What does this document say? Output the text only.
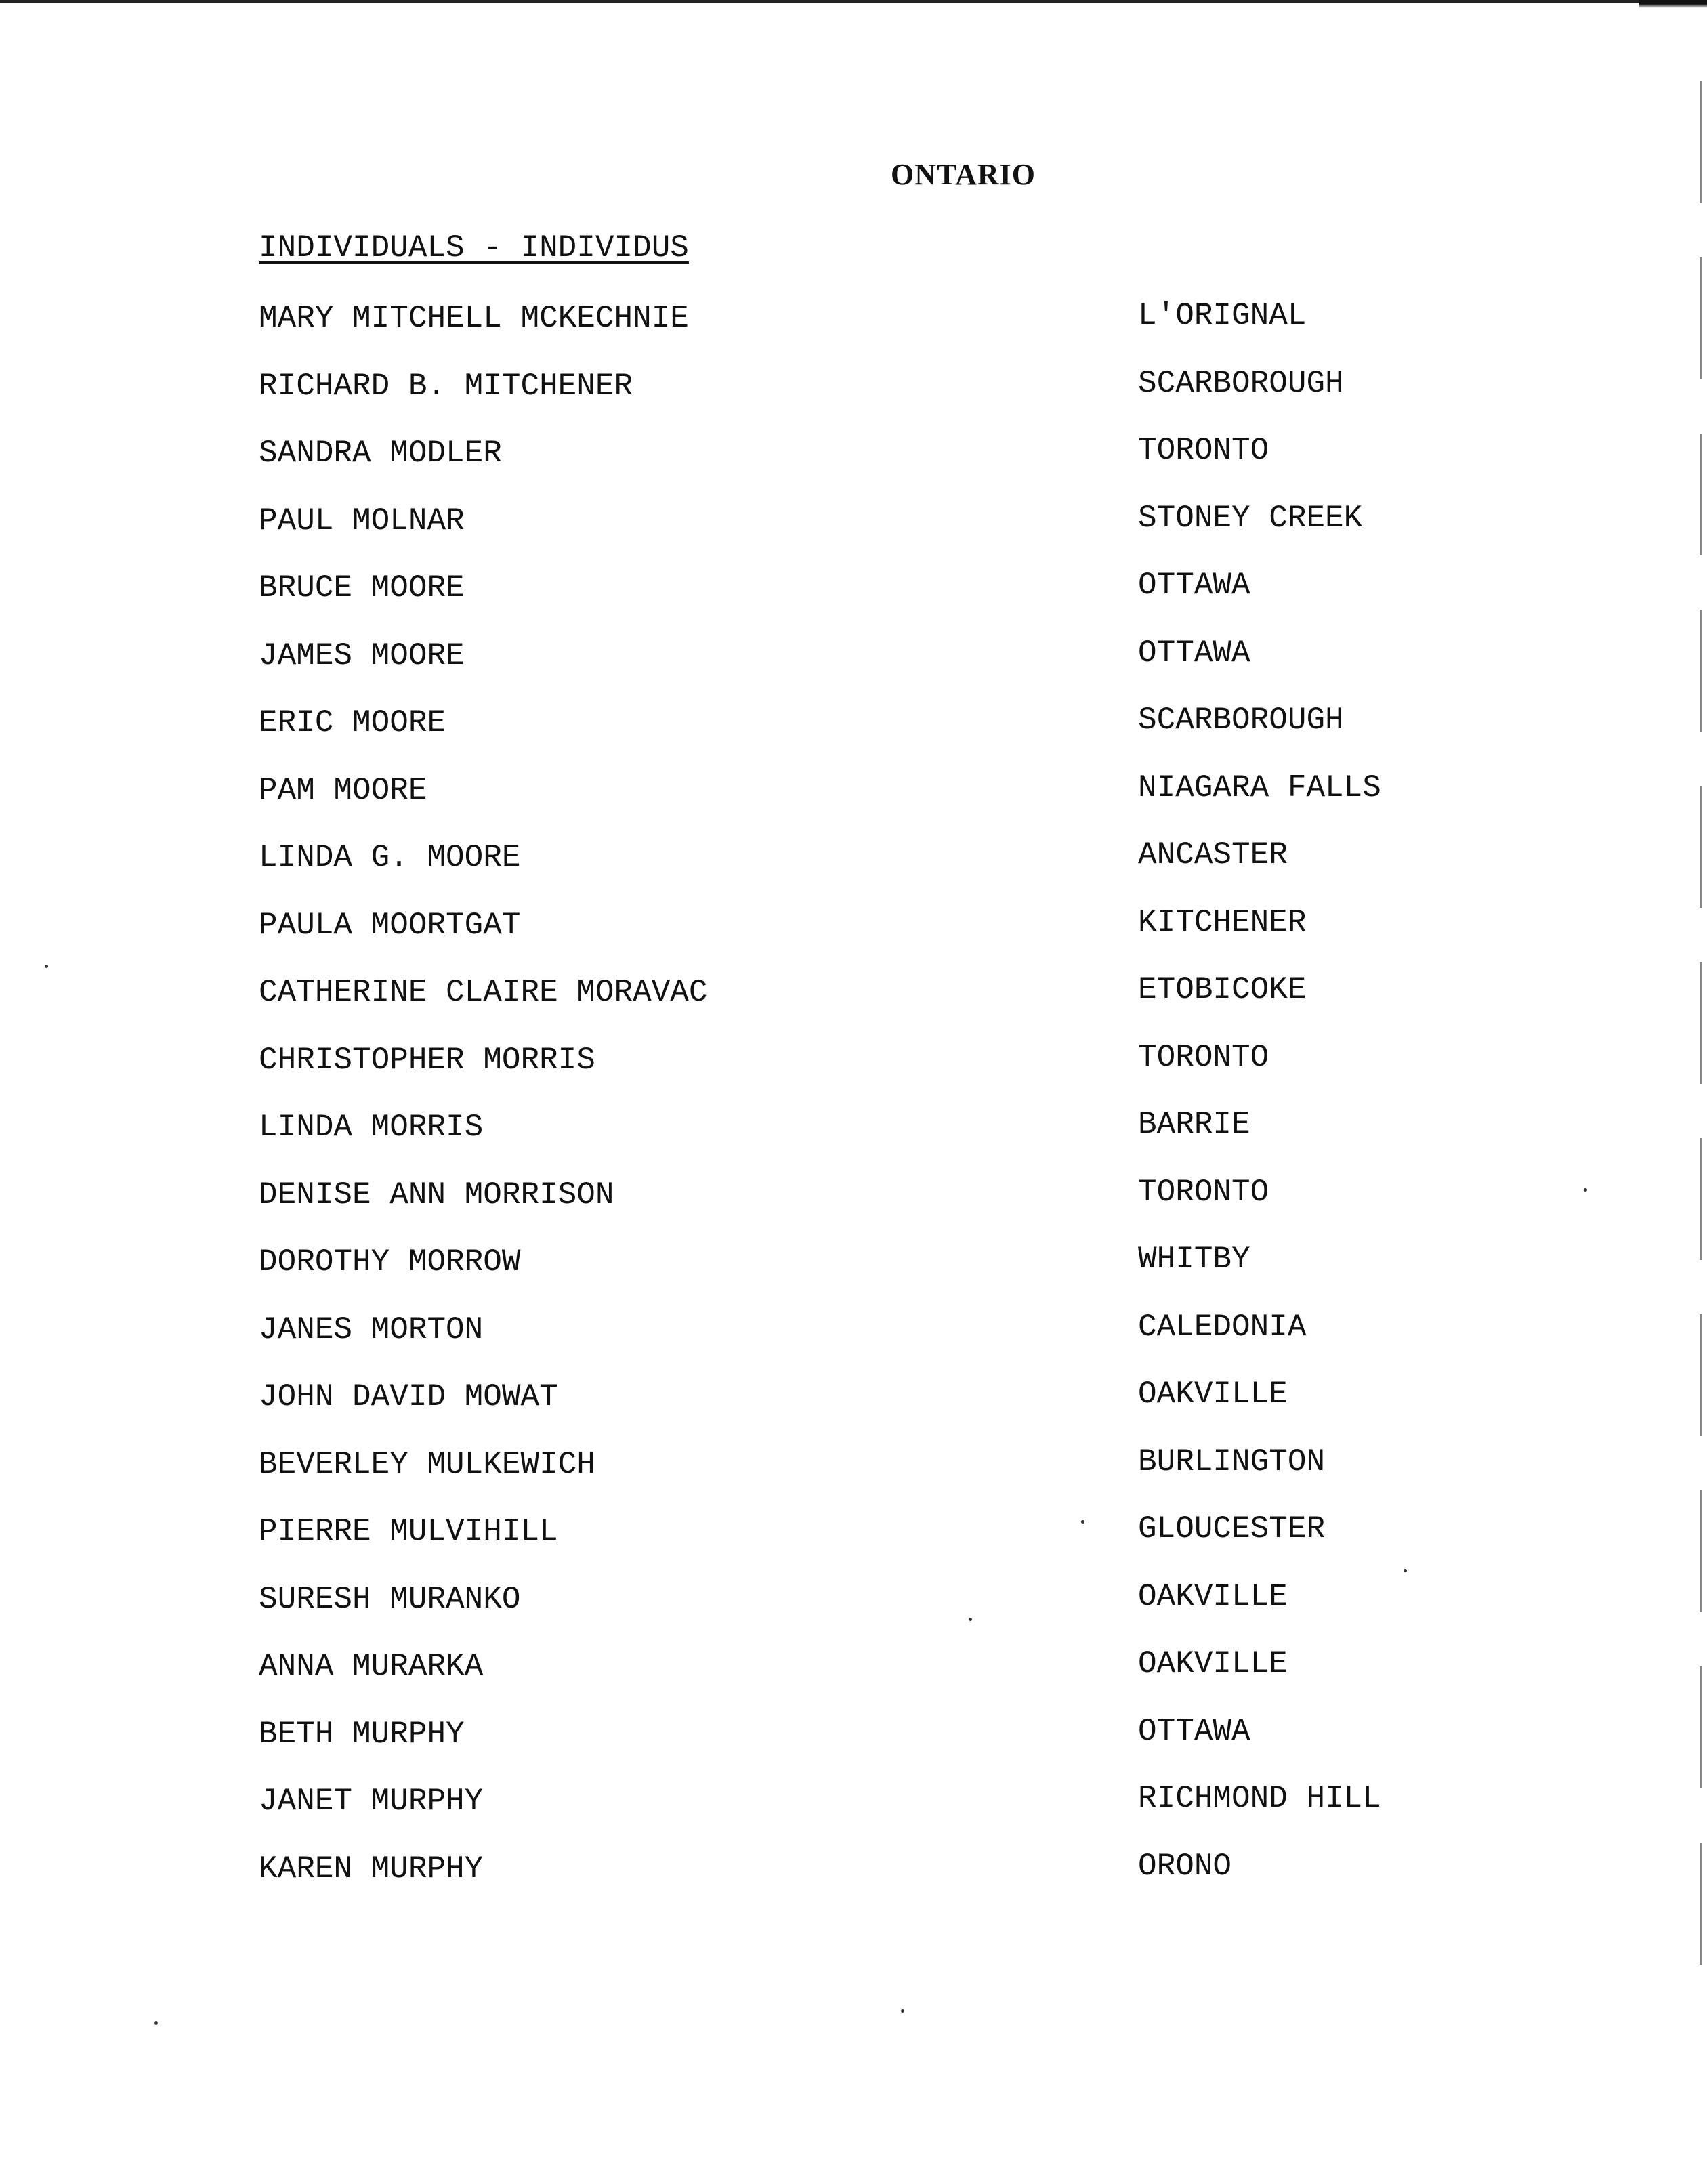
ONTARIO
INDIVIDUALS - INDIVIDUS
MARY MITCHELL MCKECHNIE	L'ORIGNAL
RICHARD B. MITCHENER	SCARBOROUGH
SANDRA MODLER	TORONTO
PAUL MOLNAR	STONEY CREEK
BRUCE MOORE	OTTAWA
JAMES MOORE	OTTAWA
ERIC MOORE	SCARBOROUGH
PAM MOORE	NIAGARA FALLS
LINDA G. MOORE	ANCASTER
PAULA MOORTGAT	KITCHENER
CATHERINE CLAIRE MORAVAC	ETOBICOKE
CHRISTOPHER MORRIS	TORONTO
LINDA MORRIS	BARRIE
DENISE ANN MORRISON	TORONTO
DOROTHY MORROW	WHITBY
JANES MORTON	CALEDONIA
JOHN DAVID MOWAT	OAKVILLE
BEVERLEY MULKEWICH	BURLINGTON
PIERRE MULVIHILL	GLOUCESTER
SURESH MURANKO	OAKVILLE
ANNA MURARKA	OAKVILLE
BETH MURPHY	OTTAWA
JANET MURPHY	RICHMOND HILL
KAREN MURPHY	ORONO
